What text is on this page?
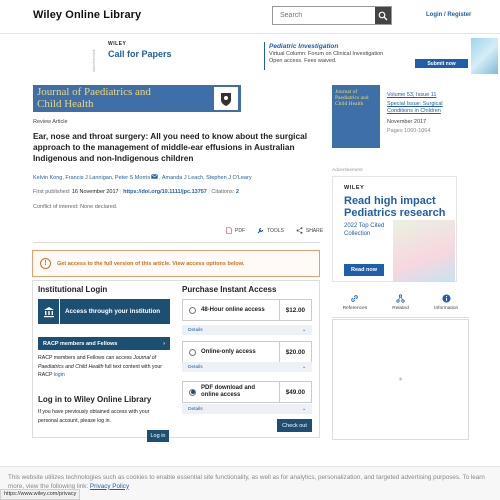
Wiley Online Library
Search	Login / Register
Advertisement
WILEY
Call for Papers
Pediatric Investigation
Virtual Column: Forum on Clinical Investigation
Open access. Fees waived.	Submit now
Journal of Paediatrics and
Child Health
Review Article
Ear, nose and throat surgery: All you need to know about the surgical approach to the management of middle-ear effusions in Australian Indigenous and non-Indigenous children
Kelvin Kong, Francis J Lannigan, Peter S Morris , Amanda J Leach, Stephen J O'Leary
First published: 16 November 2017 | https://doi.org/10.1111/jpc.13757 | Citations: 2
Conflict of interest: None declared.
PDF	TOOLS	SHARE
!	Get access to the full version of this article. View access options below.
Institutional Login
Access through your institution
RACP members and Fellows	›
RACP members and Fellows can access Journal of Paediatrics and Child Health full text content with your RACP login
Log in to Wiley Online Library
If you have previously obtained access with your personal account, please log in.
Log in
Purchase Instant Access
48-Hour online access	$12.00
Details	⌄
Online-only access	$20.00
Details	⌄
PDF download and online access	$49.00
Details	⌄
Check out
Journal of Paediatrics and Child Health
Volume 53, Issue 11
Special Issue: Surgical Conditions in Children
November 2017
Pages 1060-1064
Advertisement
WILEY
Read high impact Pediatrics research
2022 Top Cited Collection
Read now
References	Related	Information
✳
This website utilizes technologies such as cookies to enable essential site functionality, as well as for analytics, personalization, and targeted advertising purposes. To learn more, view the following link: Privacy Policy
https://www.wiley.com/privacy
